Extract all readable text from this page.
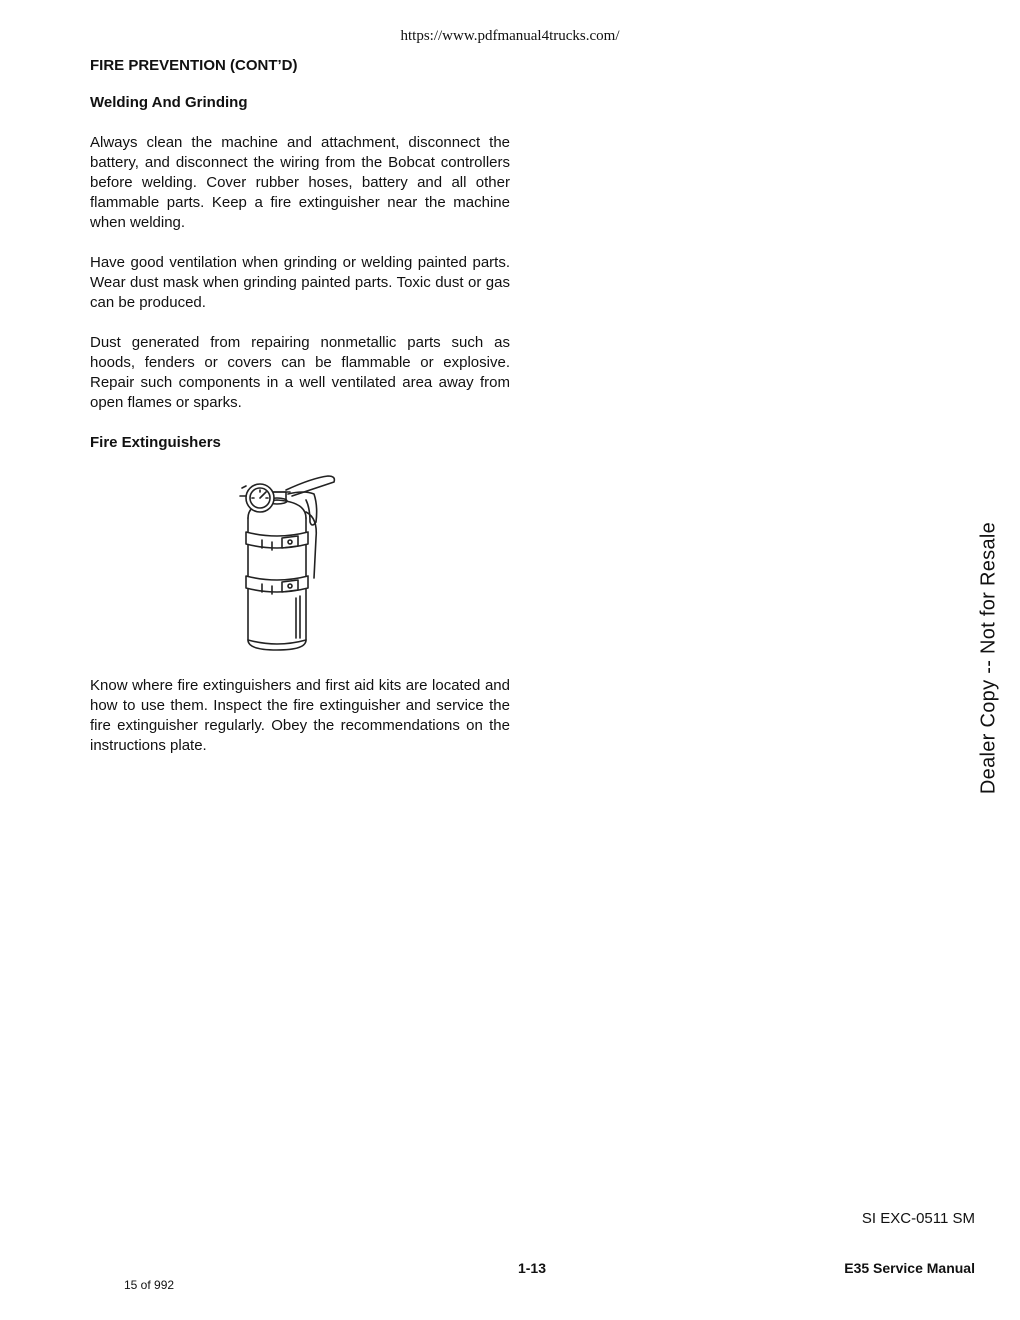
https://www.pdfmanual4trucks.com/
FIRE PREVENTION (CONT’D)
Welding And Grinding
Always clean the machine and attachment, disconnect the battery, and disconnect the wiring from the Bobcat controllers before welding. Cover rubber hoses, battery and all other flammable parts. Keep a fire extinguisher near the machine when welding.
Have good ventilation when grinding or welding painted parts. Wear dust mask when grinding painted parts. Toxic dust or gas can be produced.
Dust generated from repairing nonmetallic parts such as hoods, fenders or covers can be flammable or explosive. Repair such components in a well ventilated area away from open flames or sparks.
Fire Extinguishers
Know where fire extinguishers and first aid kits are located and how to use them. Inspect the fire extinguisher and service the fire extinguisher regularly. Obey the recommendations on the instructions plate.	Dealer Copy -- Not for Resale
SI EXC-0511 SM
1-13	E35 Service Manual
15 of 992
